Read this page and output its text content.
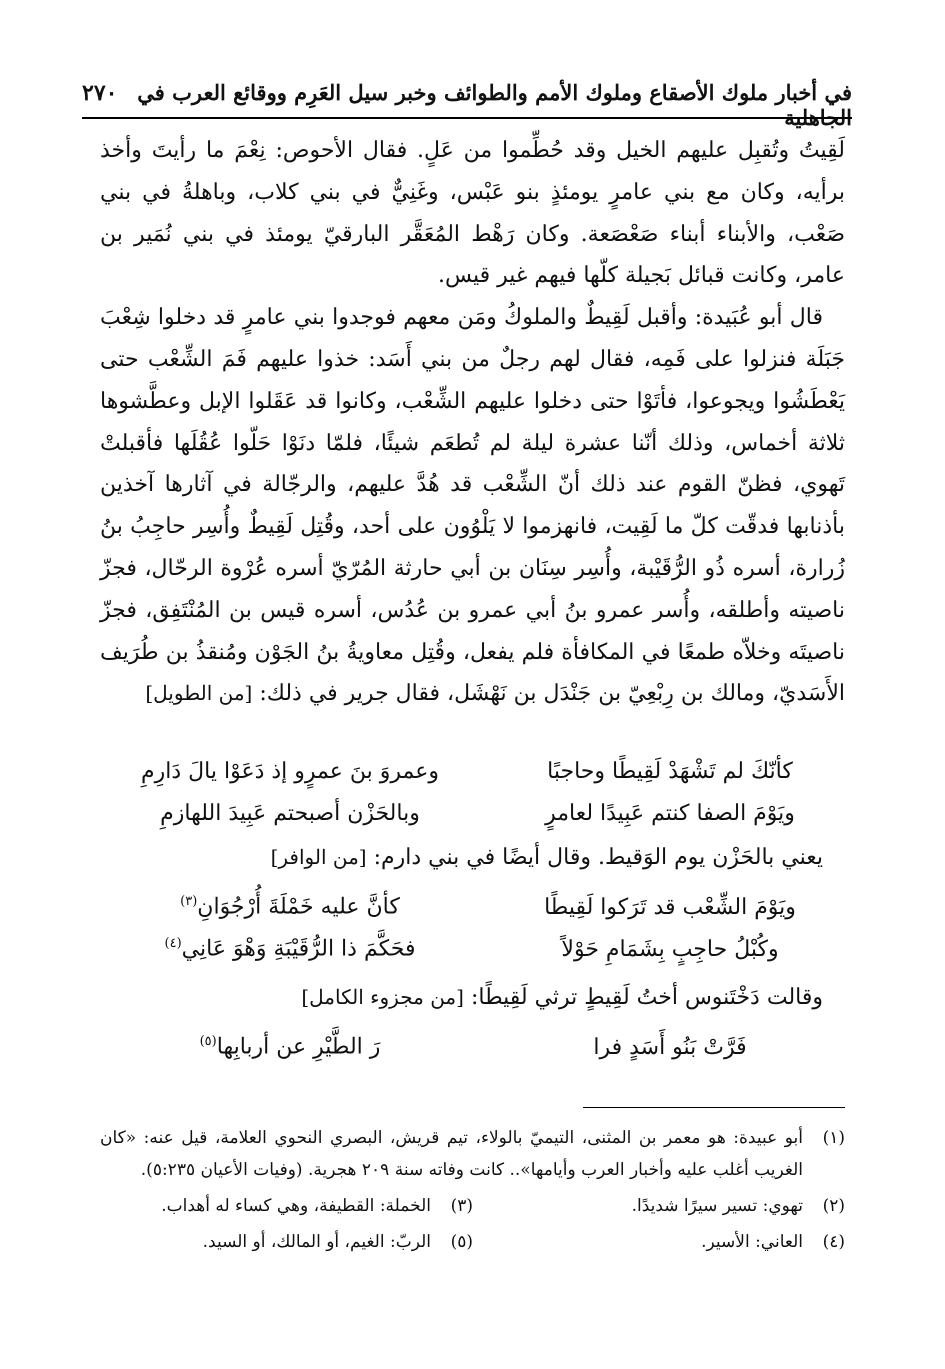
٢٧٠ في أخبار ملوك الأصقاع وملوك الأمم والطوائف وخبر سيل العَرِم ووقائع العرب في الجاهلية

لَقِيتُ وتُقبِل عليهم الخيل وقد حُطِّموا من عَلٍ. فقال الأحوص: نِعْمَ ما رأيتَ وأخذ برأيه، وكان مع بني عامرٍ يومئذٍ بنو عَبْس، وغَنِيٌّ في بني كلاب، وباهلةُ في بني صَعْب، والأبناء أبناء صَعْصَعة. وكان رَهْط المُعَقَّر البارقيّ يومئذ في بني نُمَير بن عامر، وكانت قبائل بَجيلة كلّها فيهم غير قيس.

قال أبو عُبَيدة: وأقبل لَقِيطٌ والملوكُ ومَن معهم فوجدوا بني عامرٍ قد دخلوا شِعْبَ جَبَلَة فنزلوا على فَمِه، فقال لهم رجلٌ من بني أَسَد: خذوا عليهم فَمَ الشِّعْب حتى يَعْطَشُوا ويجوعوا، فأتَوْا حتى دخلوا عليهم الشِّعْب، وكانوا قد عَقَلوا الإبل وعطَّشوها ثلاثة أخماس، وذلك أنّنا عشرة ليلة لم تُطعَم شيئًا، فلمّا دنَوْا حَلّوا عُقُلَها فأقبلتْ تَهوي، فظنّ القوم عند ذلك أنّ الشِّعْب قد هُدَّ عليهم، والرجّالة في آثارها آخذين بأذنابها فدقّت كلّ ما لَقِيت، فانهزموا لا يَلْوُون على أحد، وقُتِل لَقِيطٌ وأُسِر حاجِبُ بنُ زُرارة، أسره ذُو الرُّقَيْبة، وأُسِر سِنَان بن أبي حارثة المُرّيّ أسره عُرْوة الرحّال، فجزّ ناصيته وأطلقه، وأُسر عمرو بنُ أبي عمرو بن عُدُس، أسره قيس بن المُنْتَفِق، فجزّ ناصيتَه وخلاّه طمعًا في المكافأة فلم يفعل، وقُتِل معاويةُ بنُ الجَوْن ومُنقذُ بن طُرَيف الأَسَديّ، ومالك بن رِبْعِيّ بن جَنْدَل بن نَهْشَل، فقال جرير في ذلك: [من الطويل]

كأنّكَ لم تَشْهَدْ لَقِيطًا وحاجبًا
وعمروَ بنَ عمرٍو إذ دَعَوْا يالَ دَارِمِ
ويَوْمَ الصفا كنتم عَبِيدًا لعامرٍ
وبالحَزْن أصبحتم عَبِيدَ اللهازمِ
يعني بالحَزْن يوم الوَقيط. وقال أيضًا في بني دارم: [من الوافر]
ويَوْمَ الشِّعْب قد تَرَكوا لَقِيطًا
كأنَّ عليه خَمْلَةَ أُرْجُوَانِ$^{(٣)}$
وكُبْلُ حاجِبٍ بِشَمَامِ حَوْلاً
فحَكَّمَ ذا الرُّقَيْبَةِ وَهْوَ عَانِي$^{(٤)}$
وقالت دَخْتَنوس أختُ لَقِيطٍ ترثي لَقِيطًا: [من مجزوء الكامل]
فَرَّتْ بَنُو أَسَدٍ فرا
رَ الطَّيْرِ عن أربابِها$^{(٥)}$
(١)
أبو عبيدة: هو معمر بن المثنى، التيميّ بالولاء، تيم قريش، البصري النحوي العلامة، قيل عنه: «كان الغريب أغلب عليه وأخبار العرب وأيامها».. كانت وفاته سنة ٢٠٩ هجرية. (وفيات الأعيان ٥:٢٣٥).
(٢)
تهوي: تسير سيرًا شديدًا.
(٣)
الخملة: القطيفة، وهي كساء له أهداب.
(٤)
العاني: الأسير.
(٥)
الربّ: الغيم، أو المالك، أو السيد.
